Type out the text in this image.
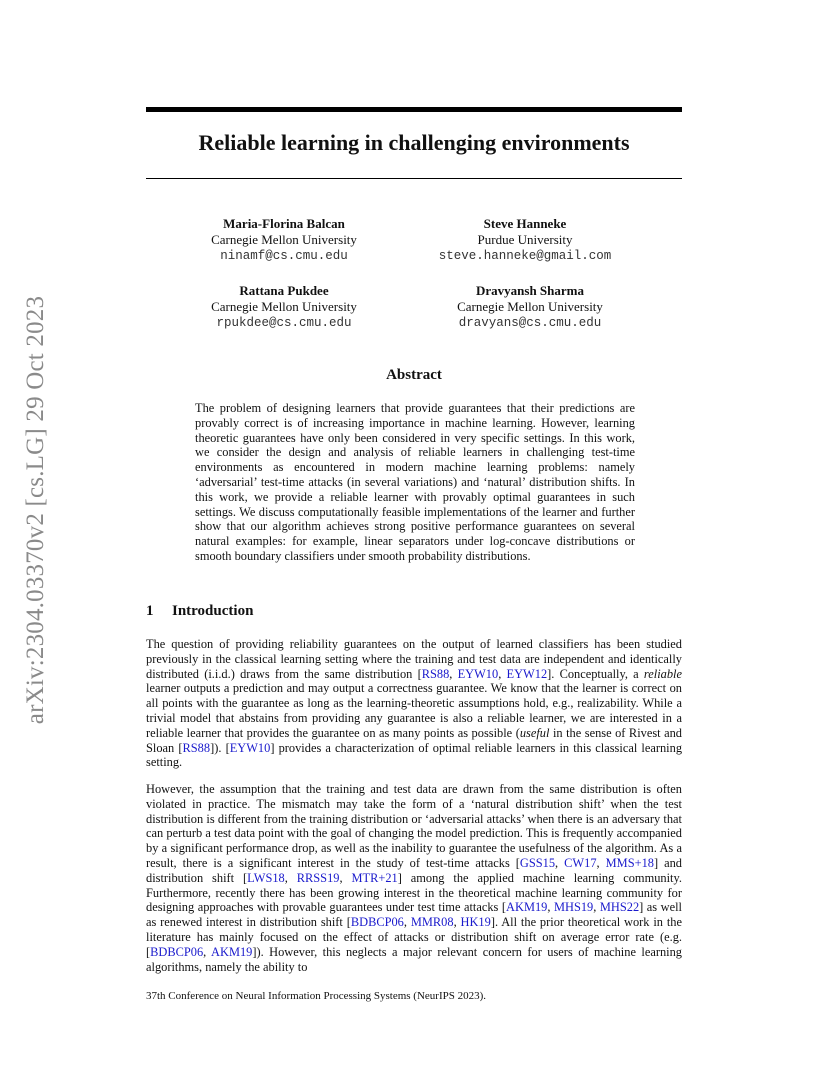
arXiv:2304.03370v2 [cs.LG] 29 Oct 2023
Reliable learning in challenging environments
Maria-Florina Balcan
Carnegie Mellon University
ninamf@cs.cmu.edu
Steve Hanneke
Purdue University
steve.hanneke@gmail.com
Rattana Pukdee
Carnegie Mellon University
rpukdee@cs.cmu.edu
Dravyansh Sharma
Carnegie Mellon University
dravyans@cs.cmu.edu
Abstract

The problem of designing learners that provide guarantees that their predictions are provably correct is of increasing importance in machine learning. However, learning theoretic guarantees have only been considered in very specific settings. In this work, we consider the design and analysis of reliable learners in challenging test-time environments as encountered in modern machine learning problems: namely ‘adversarial’ test-time attacks (in several variations) and ‘natural’ distribution shifts. In this work, we provide a reliable learner with provably optimal guarantees in such settings. We discuss computationally feasible implementations of the learner and further show that our algorithm achieves strong positive performance guarantees on several natural examples: for example, linear separators under log-concave distributions or smooth boundary classifiers under smooth probability distributions.

1 Introduction

The question of providing reliability guarantees on the output of learned classifiers has been studied previously in the classical learning setting where the training and test data are independent and identically distributed (i.i.d.) draws from the same distribution [RS88, EYW10, EYW12]. Conceptually, a reliable learner outputs a prediction and may output a correctness guarantee. We know that the learner is correct on all points with the guarantee as long as the learning-theoretic assumptions hold, e.g., realizability. While a trivial model that abstains from providing any guarantee is also a reliable learner, we are interested in a reliable learner that provides the guarantee on as many points as possible (useful in the sense of Rivest and Sloan [RS88]). [EYW10] provides a characterization of optimal reliable learners in this classical learning setting.

However, the assumption that the training and test data are drawn from the same distribution is often violated in practice. The mismatch may take the form of a ‘natural distribution shift’ when the test distribution is different from the training distribution or ‘adversarial attacks’ when there is an adversary that can perturb a test data point with the goal of changing the model prediction. This is frequently accompanied by a significant performance drop, as well as the inability to guarantee the usefulness of the algorithm. As a result, there is a significant interest in the study of test-time attacks [GSS15, CW17, MMS+18] and distribution shift [LWS18, RRSS19, MTR+21] among the applied machine learning community. Furthermore, recently there has been growing interest in the theoretical machine learning community for designing approaches with provable guarantees under test time attacks [AKM19, MHS19, MHS22] as well as renewed interest in distribution shift [BDBCP06, MMR08, HK19]. All the prior theoretical work in the literature has mainly focused on the effect of attacks or distribution shift on average error rate (e.g. [BDBCP06, AKM19]). However, this neglects a major relevant concern for users of machine learning algorithms, namely the ability to

37th Conference on Neural Information Processing Systems (NeurIPS 2023).
